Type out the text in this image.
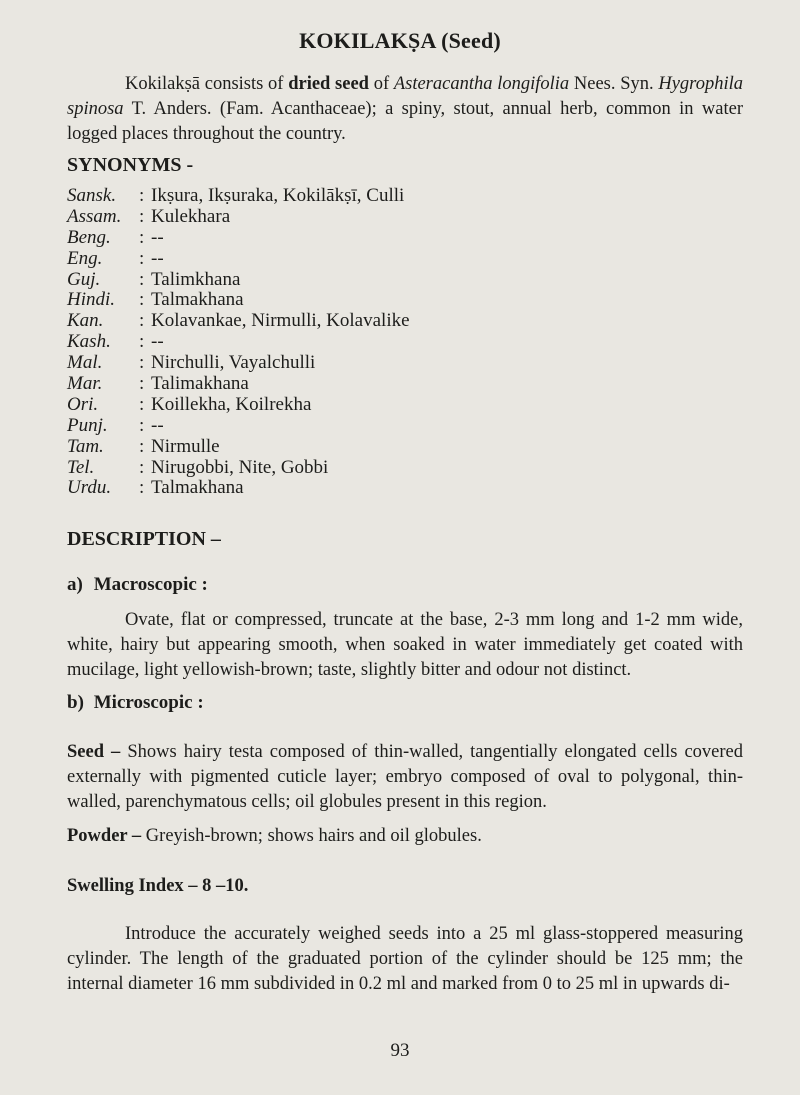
KOKILAKṢA (Seed)
Kokilakṣā consists of dried seed of Asteracantha longifolia Nees. Syn. Hygrophila spinosa T. Anders. (Fam. Acanthaceae); a spiny, stout, annual herb, common in water logged places throughout the country.
SYNONYMS -
Sansk. : Ikṣura, Ikṣuraka, Kokilākṣī, Culli
Assam. : Kulekhara
Beng. : --
Eng. : --
Guj. : Talimkhana
Hindi. : Talmakhana
Kan. : Kolavankae, Nirmulli, Kolavalike
Kash. : --
Mal. : Nirchulli, Vayalchulli
Mar. : Talimakhana
Ori. : Koillekha, Koilrekha
Punj. : --
Tam. : Nirmulle
Tel. : Nirugobbi, Nite, Gobbi
Urdu. : Talmakhana
DESCRIPTION –
a) Macroscopic :
Ovate, flat or compressed, truncate at the base, 2-3 mm long and 1-2 mm wide, white, hairy but appearing smooth, when soaked in water immediately get coated with mucilage, light yellowish-brown; taste, slightly bitter and odour not distinct.
b) Microscopic :
Seed – Shows hairy testa composed of thin-walled, tangentially elongated cells covered externally with pigmented cuticle layer; embryo composed of oval to polygonal, thin-walled, parenchymatous cells; oil globules present in this region.
Powder – Greyish-brown; shows hairs and oil globules.
Swelling Index – 8 –10.
Introduce the accurately weighed seeds into a 25 ml glass-stoppered measuring cylinder. The length of the graduated portion of the cylinder should be 125 mm; the internal diameter 16 mm subdivided in 0.2 ml and marked from 0 to 25 ml in upwards di-
93
